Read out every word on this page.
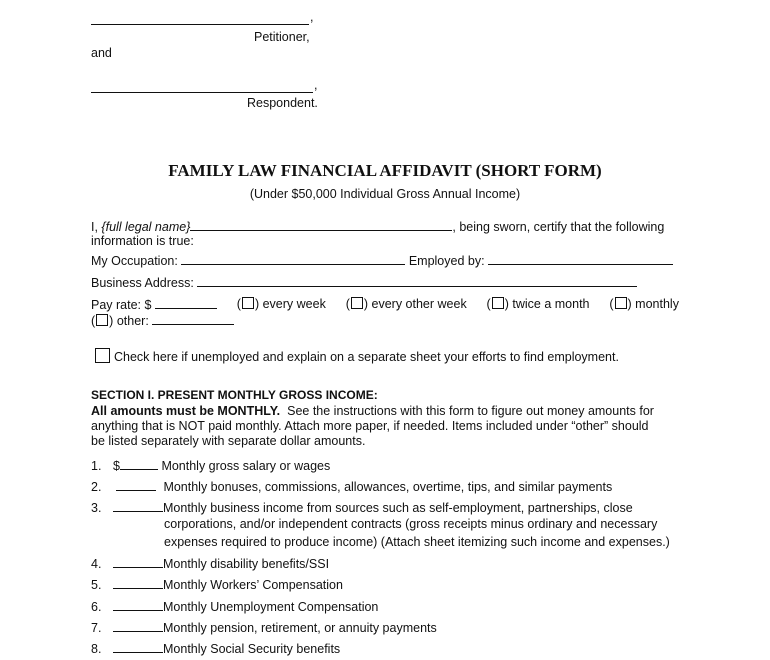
,
Petitioner,
and
,
Respondent.
FAMILY LAW FINANCIAL AFFIDAVIT (SHORT FORM)
(Under $50,000 Individual Gross Annual Income)
I, {full legal name}	, being sworn, certify that the following
information is true:
My Occupation:	Employed by:
Business Address:
Pay rate: $	( ) every week ( ) every other week ( ) twice a month ( ) monthly
( ) other:
Check here if unemployed and explain on a separate sheet your efforts to find employment.
SECTION I. PRESENT MONTHLY GROSS INCOME:
All amounts must be MONTHLY. See the instructions with this form to figure out money amounts for
anything that is NOT paid monthly. Attach more paper, if needed. Items included under “other” should
be listed separately with separate dollar amounts.
1. $	Monthly gross salary or wages
2.	Monthly bonuses, commissions, allowances, overtime, tips, and similar payments
3.	Monthly business income from sources such as self-employment, partnerships, close
corporations, and/or independent contracts (gross receipts minus ordinary and necessary
expenses required to produce income) (Attach sheet itemizing such income and expenses.)
4.	Monthly disability benefits/SSI
5.	Monthly Workers’ Compensation
6.	Monthly Unemployment Compensation
7.	Monthly pension, retirement, or annuity payments
8.	Monthly Social Security benefits
